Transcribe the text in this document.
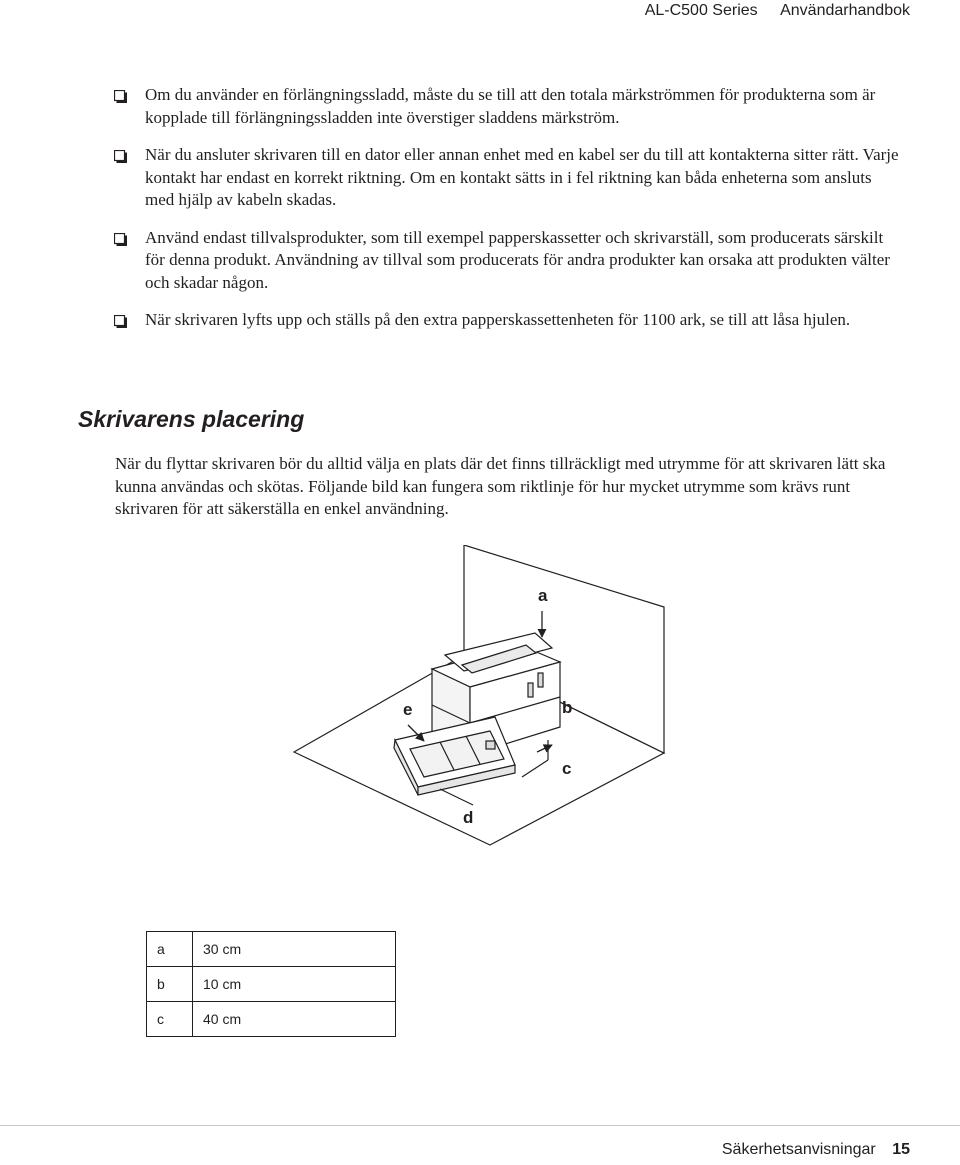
AL-C500 Series Användarhandbok
Om du använder en förlängningssladd, måste du se till att den totala märkströmmen för produkterna som är kopplade till förlängningssladden inte överstiger sladdens märkström.
När du ansluter skrivaren till en dator eller annan enhet med en kabel ser du till att kontakterna sitter rätt. Varje kontakt har endast en korrekt riktning. Om en kontakt sätts in i fel riktning kan båda enheterna som ansluts med hjälp av kabeln skadas.
Använd endast tillvalsprodukter, som till exempel papperskassetter och skrivarställ, som producerats särskilt för denna produkt. Användning av tillval som producerats för andra produkter kan orsaka att produkten välter och skadar någon.
När skrivaren lyfts upp och ställs på den extra papperskassettenheten för 1100 ark, se till att låsa hjulen.
Skrivarens placering

När du flyttar skrivaren bör du alltid välja en plats där det finns tillräckligt med utrymme för att skrivaren lätt ska kunna användas och skötas. Följande bild kan fungera som riktlinje för hur mycket utrymme som krävs runt skrivaren för att säkerställa en enkel användning.

a
b
c
d
e
a	30 cm
b	10 cm
c	40 cm
Säkerhetsanvisningar 15
